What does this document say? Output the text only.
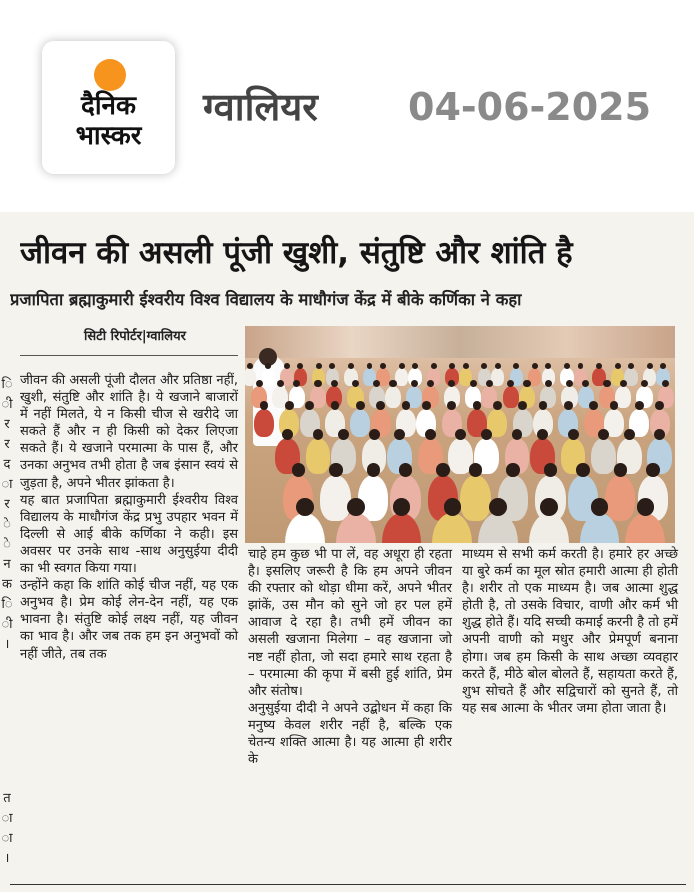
दैनिक
भास्कर
ग्वालियर 04-06-2025
ि
ी
र
र
द
ा
र
े
े
न
क
ि
ी
।
त
ा
ा
।
जीवन की असली पूंजी खुशी, संतुष्टि और शांति है
प्रजापिता ब्रह्माकुमारी ईश्वरीय विश्व विद्यालय के माधौगंज केंद्र में बीके कर्णिका ने कहा
सिटी रिपोर्टर|ग्वालियर

जीवन की असली पूंजी दौलत और प्रतिष्ठा नहीं, खुशी, संतुष्टि और शांति है। ये खजाने बाजारों में नहीं मिलते, ये न किसी चीज से खरीदे जा सकते हैं और न ही किसी को देकर लिएजा सकते हैं। ये खजाने परमात्मा के पास हैं, और उनका अनुभव तभी होता है जब इंसान स्वयं से जुड़ता है, अपने भीतर झांकता है।

यह बात प्रजापिता ब्रह्माकुमारी ईश्वरीय विश्व विद्यालय के माधौगंज केंद्र प्रभु उपहार भवन में दिल्ली से आई बीके कर्णिका ने कही। इस अवसर पर उनके साथ -साथ अनुसुईया दीदी का भी स्वगत किया गया।

उन्होंने कहा कि शांति कोई चीज नहीं, यह एक अनुभव है। प्रेम कोई लेन-देन नहीं, यह एक भावना है। संतुष्टि कोई लक्ष्य नहीं, यह जीवन का भाव है। और जब तक हम इन अनुभवों को नहीं जीते, तब तक

चाहे हम कुछ भी पा लें, वह अधूरा ही रहता है। इसलिए जरूरी है कि हम अपने जीवन की रफ्तार को थोड़ा धीमा करें, अपने भीतर झांकें, उस मौन को सुने जो हर पल हमें आवाज दे रहा है। तभी हमें जीवन का असली खजाना मिलेगा – वह खजाना जो नष्ट नहीं होता, जो सदा हमारे साथ रहता है – परमात्मा की कृपा में बसी हुई शांति, प्रेम और संतोष।

अनुसुईया दीदी ने अपने उद्बोधन में कहा कि मनुष्य केवल शरीर नहीं है, बल्कि एक चेतन्य शक्ति आत्मा है। यह आत्मा ही शरीर के

माध्यम से सभी कर्म करती है। हमारे हर अच्छे या बुरे कर्म का मूल स्रोत हमारी आत्मा ही होती है। शरीर तो एक माध्यम है। जब आत्मा शुद्ध होती है, तो उसके विचार, वाणी और कर्म भी शुद्ध होते हैं। यदि सच्ची कमाई करनी है तो हमें अपनी वाणी को मधुर और प्रेमपूर्ण बनाना होगा। जब हम किसी के साथ अच्छा व्यवहार करते हैं, मीठे बोल बोलते हैं, सहायता करते हैं, शुभ सोचते हैं और सद्विचारों को सुनते हैं, तो यह सब आत्मा के भीतर जमा होता जाता है।
